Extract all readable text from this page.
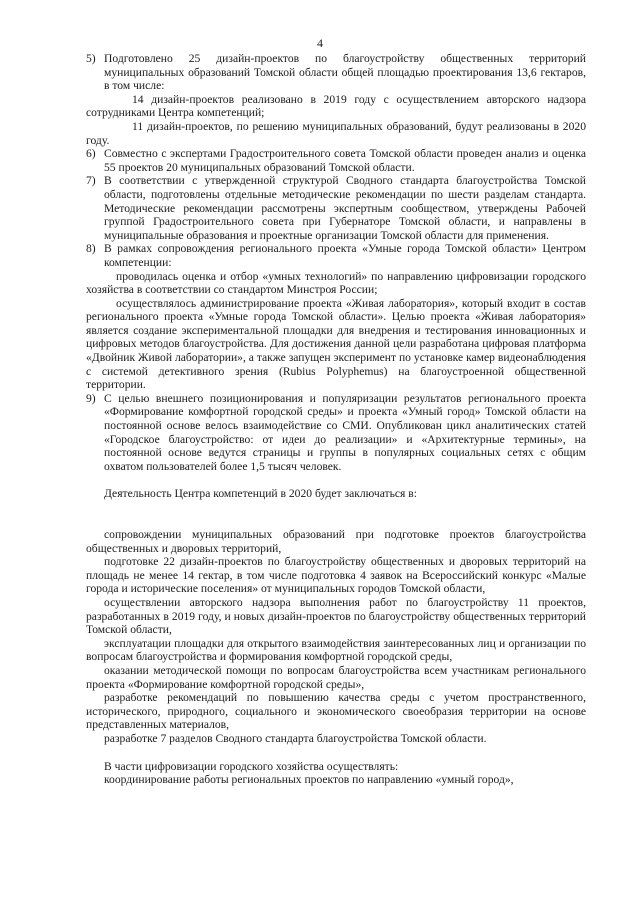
4
5) Подготовлено 25 дизайн-проектов по благоустройству общественных территорий муниципальных образований Томской области общей площадью проектирования 13,6 гектаров, в том числе:

14 дизайн-проектов реализовано в 2019 году с осуществлением авторского надзора сотрудниками Центра компетенций;

11 дизайн-проектов, по решению муниципальных образований, будут реализованы в 2020 году.

6) Совместно с экспертами Градостроительного совета Томской области проведен анализ и оценка 55 проектов 20 муниципальных образований Томской области.

7) В соответствии с утвержденной структурой Сводного стандарта благоустройства Томской области, подготовлены отдельные методические рекомендации по шести разделам стандарта. Методические рекомендации рассмотрены экспертным сообществом, утверждены Рабочей группой Градостроительного совета при Губернаторе Томской области, и направлены в муниципальные образования и проектные организации Томской области для применения.

8) В рамках сопровождения регионального проекта «Умные города Томской области» Центром компетенции:

проводилась оценка и отбор «умных технологий» по направлению цифровизации городского хозяйства в соответствии со стандартом Минстроя России;

осуществлялось администрирование проекта «Живая лаборатория», который входит в состав регионального проекта «Умные города Томской области». Целью проекта «Живая лаборатория» является создание экспериментальной площадки для внедрения и тестирования инновационных и цифровых методов благоустройства. Для достижения данной цели разработана цифровая платформа «Двойник Живой лаборатории», а также запущен эксперимент по установке камер видеонаблюдения с системой детективного зрения (Rubius Polyphemus) на благоустроенной общественной территории.

9) С целью внешнего позиционирования и популяризации результатов регионального проекта «Формирование комфортной городской среды» и проекта «Умный город» Томской области на постоянной основе велось взаимодействие со СМИ. Опубликован цикл аналитических статей «Городское благоустройство: от идеи до реализации» и «Архитектурные термины», на постоянной основе ведутся страницы и группы в популярных социальных сетях с общим охватом пользователей более 1,5 тысяч человек.

Деятельность Центра компетенций в 2020 будет заключаться в:

сопровождении муниципальных образований при подготовке проектов благоустройства общественных и дворовых территорий,

подготовке 22 дизайн-проектов по благоустройству общественных и дворовых территорий на площадь не менее 14 гектар, в том числе подготовка 4 заявок на Всероссийский конкурс «Малые города и исторические поселения» от муниципальных городов Томской области,

осуществлении авторского надзора выполнения работ по благоустройству 11 проектов, разработанных в 2019 году, и новых дизайн-проектов по благоустройству общественных территорий Томской области,

эксплуатации площадки для открытого взаимодействия заинтересованных лиц и организации по вопросам благоустройства и формирования комфортной городской среды,

оказании методической помощи по вопросам благоустройства всем участникам регионального проекта «Формирование комфортной городской среды»,

разработке рекомендаций по повышению качества среды с учетом пространственного, исторического, природного, социального и экономического своеобразия территории на основе представленных материалов,

разработке 7 разделов Сводного стандарта благоустройства Томской области.

В части цифровизации городского хозяйства осуществлять:

координирование работы региональных проектов по направлению «умный город»,
